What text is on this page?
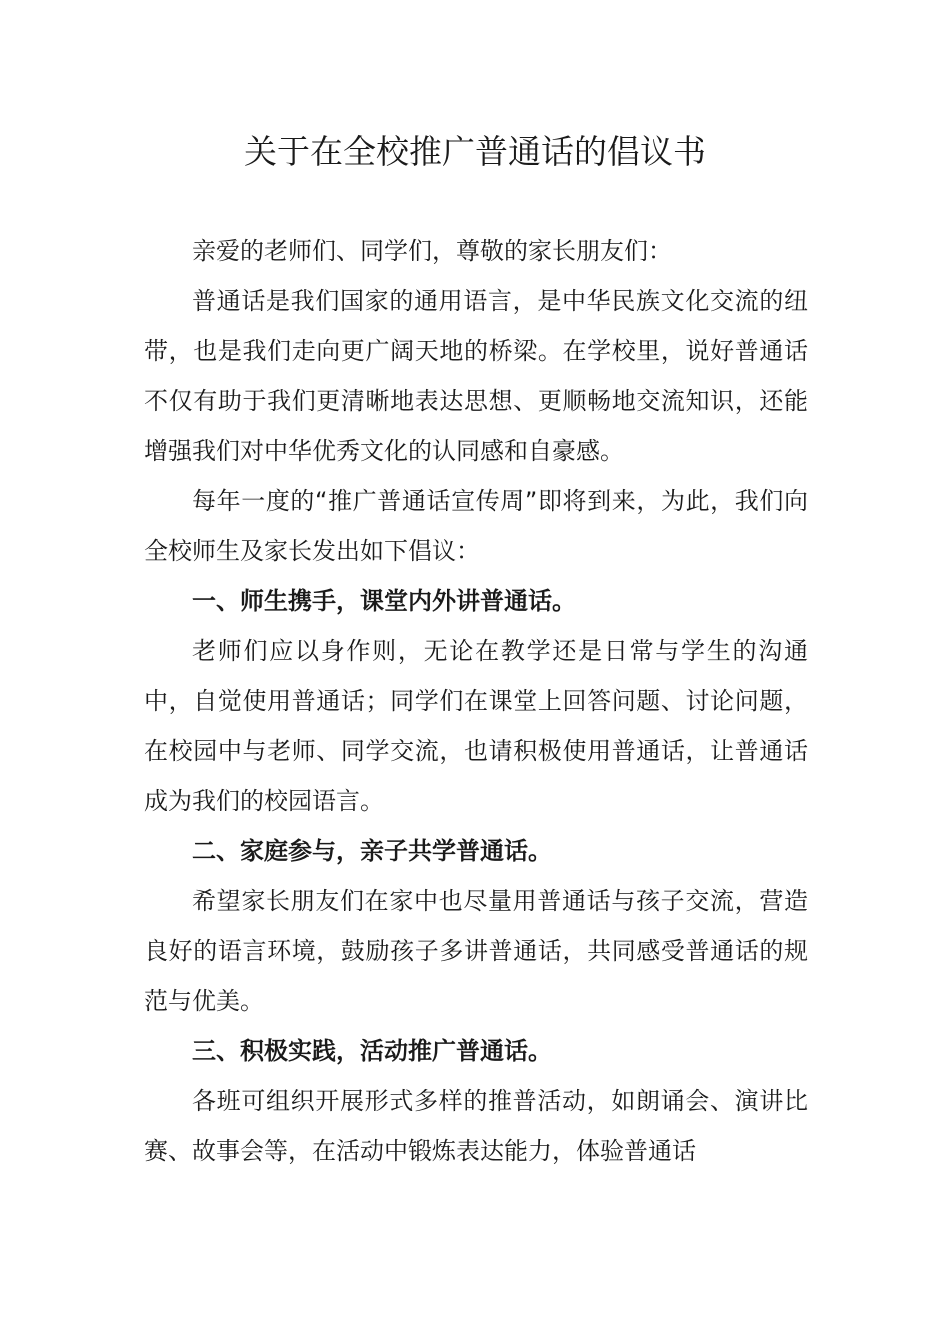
关于在全校推广普通话的倡议书

亲爱的老师们、同学们，尊敬的家长朋友们：

普通话是我们国家的通用语言，是中华民族文化交流的纽带，也是我们走向更广阔天地的桥梁。在学校里，说好普通话不仅有助于我们更清晰地表达思想、更顺畅地交流知识，还能增强我们对中华优秀文化的认同感和自豪感。

每年一度的“推广普通话宣传周”即将到来，为此，我们向全校师生及家长发出如下倡议：

一、师生携手，课堂内外讲普通话。

老师们应以身作则，无论在教学还是日常与学生的沟通中，自觉使用普通话；同学们在课堂上回答问题、讨论问题，在校园中与老师、同学交流，也请积极使用普通话，让普通话成为我们的校园语言。

二、家庭参与，亲子共学普通话。

希望家长朋友们在家中也尽量用普通话与孩子交流，营造良好的语言环境，鼓励孩子多讲普通话，共同感受普通话的规范与优美。

三、积极实践，活动推广普通话。

各班可组织开展形式多样的推普活动，如朗诵会、演讲比赛、故事会等，在活动中锻炼表达能力，体验普通话
